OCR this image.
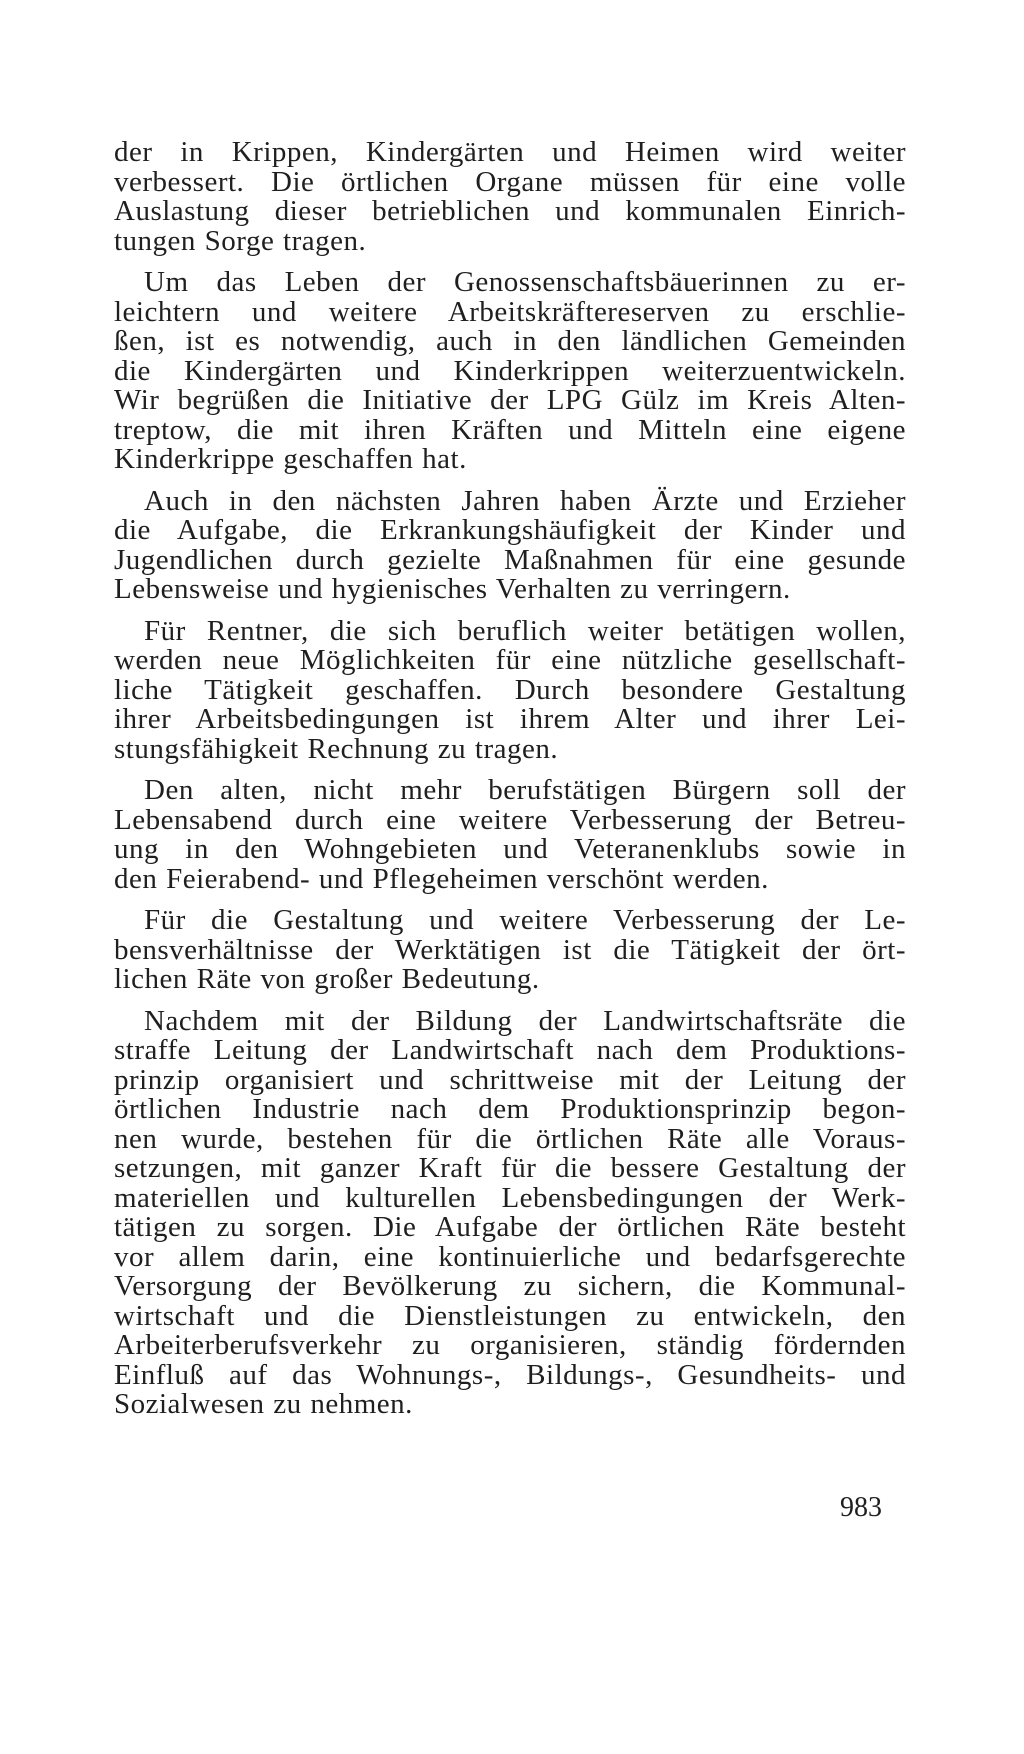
der in Krippen, Kindergärten und Heimen wird weiter
verbessert. Die örtlichen Organe müssen für eine volle
Auslastung dieser betrieblichen und kommunalen Einrich-
tungen Sorge tragen.
Um das Leben der Genossenschaftsbäuerinnen zu er-
leichtern und weitere Arbeitskräftereserven zu erschlie-
ßen, ist es notwendig, auch in den ländlichen Gemeinden
die Kindergärten und Kinderkrippen weiterzuentwickeln.
Wir begrüßen die Initiative der LPG Gülz im Kreis Alten-
treptow, die mit ihren Kräften und Mitteln eine eigene
Kinderkrippe geschaffen hat.
Auch in den nächsten Jahren haben Ärzte und Erzieher
die Aufgabe, die Erkrankungshäufigkeit der Kinder und
Jugendlichen durch gezielte Maßnahmen für eine gesunde
Lebensweise und hygienisches Verhalten zu verringern.
Für Rentner, die sich beruflich weiter betätigen wollen,
werden neue Möglichkeiten für eine nützliche gesellschaft-
liche Tätigkeit geschaffen. Durch besondere Gestaltung
ihrer Arbeitsbedingungen ist ihrem Alter und ihrer Lei-
stungsfähigkeit Rechnung zu tragen.
Den alten, nicht mehr berufstätigen Bürgern soll der
Lebensabend durch eine weitere Verbesserung der Betreu-
ung in den Wohngebieten und Veteranenklubs sowie in
den Feierabend- und Pflegeheimen verschönt werden.
Für die Gestaltung und weitere Verbesserung der Le-
bensverhältnisse der Werktätigen ist die Tätigkeit der ört-
lichen Räte von großer Bedeutung.
Nachdem mit der Bildung der Landwirtschaftsräte die
straffe Leitung der Landwirtschaft nach dem Produktions-
prinzip organisiert und schrittweise mit der Leitung der
örtlichen Industrie nach dem Produktionsprinzip begon-
nen wurde, bestehen für die örtlichen Räte alle Voraus-
setzungen, mit ganzer Kraft für die bessere Gestaltung der
materiellen und kulturellen Lebensbedingungen der Werk-
tätigen zu sorgen. Die Aufgabe der örtlichen Räte besteht
vor allem darin, eine kontinuierliche und bedarfsgerechte
Versorgung der Bevölkerung zu sichern, die Kommunal-
wirtschaft und die Dienstleistungen zu entwickeln, den
Arbeiterberufsverkehr zu organisieren, ständig fördernden
Einfluß auf das Wohnungs-, Bildungs-, Gesundheits- und
Sozialwesen zu nehmen.
983
